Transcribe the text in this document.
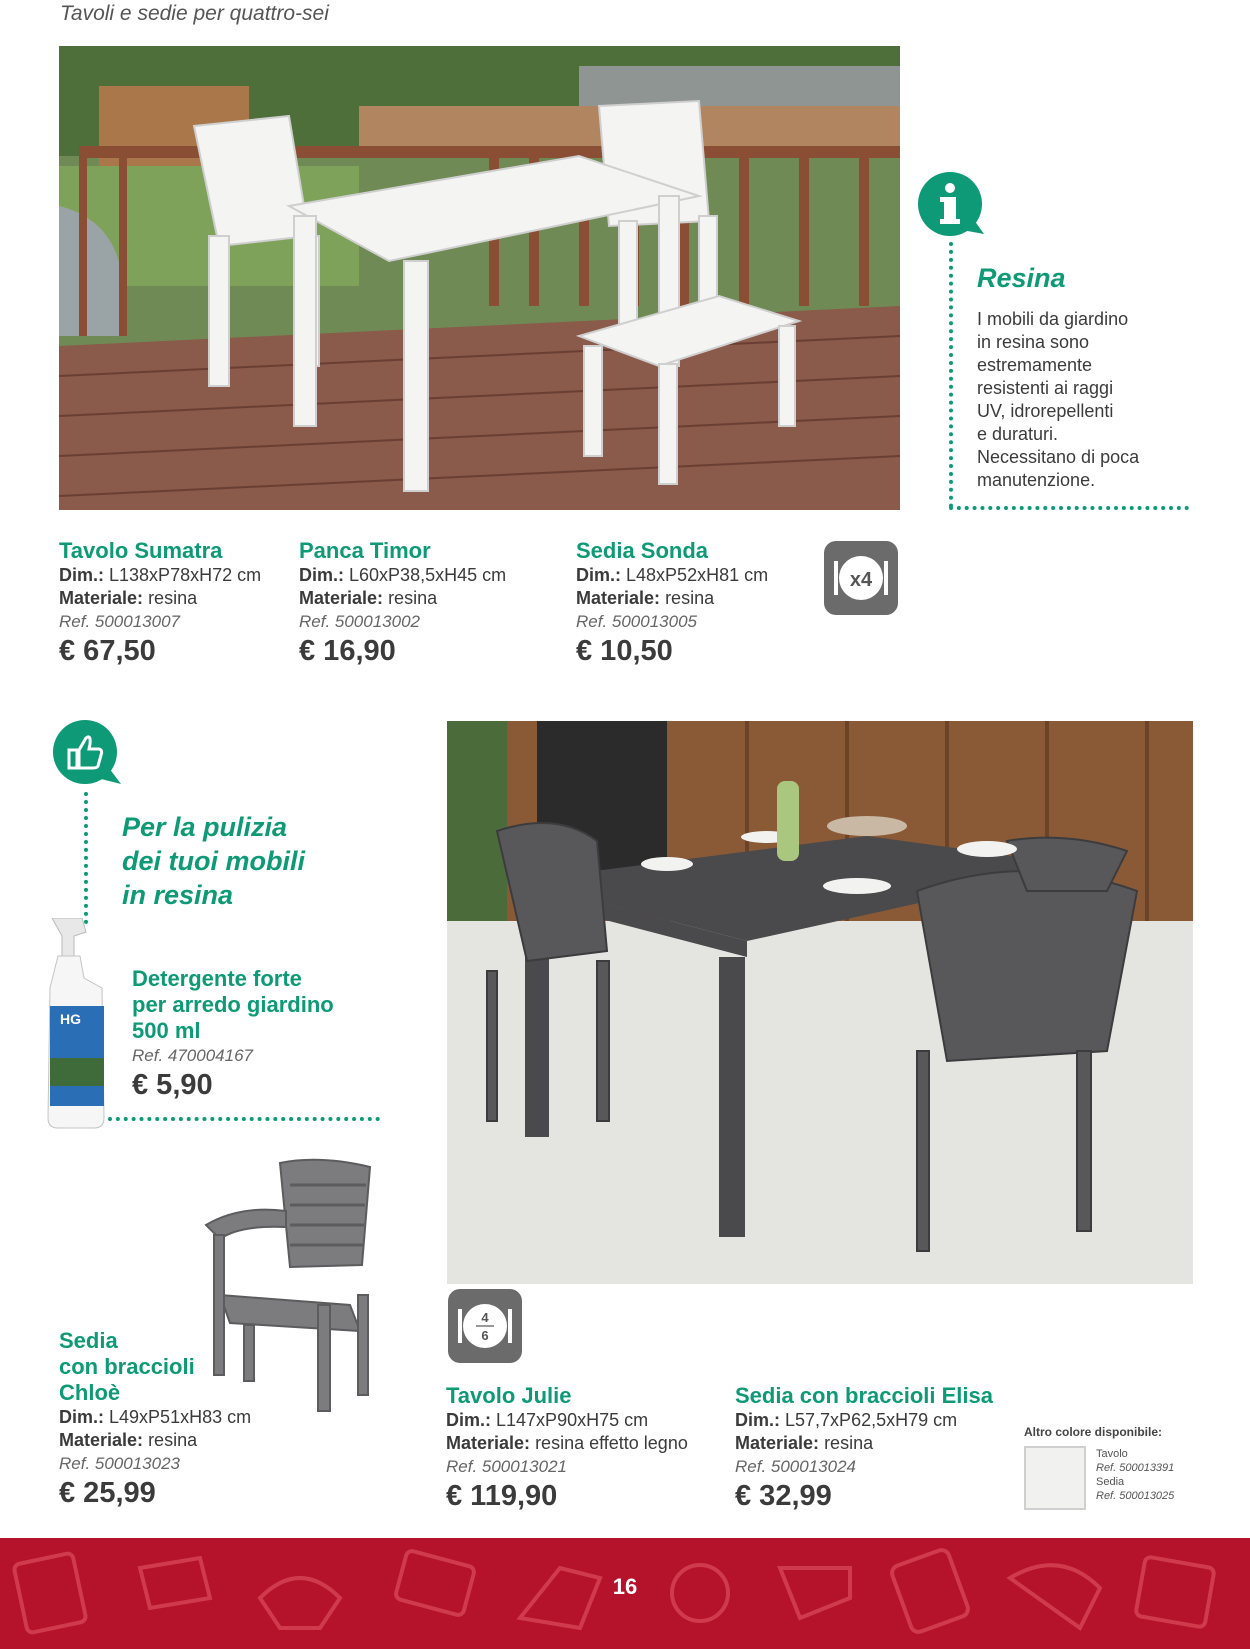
Tavoli e sedie per quattro-sei
Resina
I mobili da giardino
in resina sono
estremamente
resistenti ai raggi
UV, idrorepellenti
e duraturi.
Necessitano di poca
manutenzione.
Tavolo Sumatra
Dim.: L138xP78xH72 cm
Materiale: resina
Ref. 500013007
€ 67,50
Panca Timor
Dim.: L60xP38,5xH45 cm
Materiale: resina
Ref. 500013002
€ 16,90
Sedia Sonda
Dim.: L48xP52xH81 cm
Materiale: resina
Ref. 500013005
€ 10,50
x4
Per la pulizia
dei tuoi mobili
in resina
HG
Detergente forte
per arredo giardino
500 ml
Ref. 470004167
€ 5,90
4
6
Sedia
con braccioli
Chloè
Dim.: L49xP51xH83 cm
Materiale: resina
Ref. 500013023
€ 25,99
Tavolo Julie
Dim.: L147xP90xH75 cm
Materiale: resina effetto legno
Ref. 500013021
€ 119,90
Sedia con braccioli Elisa
Dim.: L57,7xP62,5xH79 cm
Materiale: resina
Ref. 500013024
€ 32,99
Altro colore disponibile:
Tavolo
Ref. 500013391
Sedia
Ref. 500013025
16
